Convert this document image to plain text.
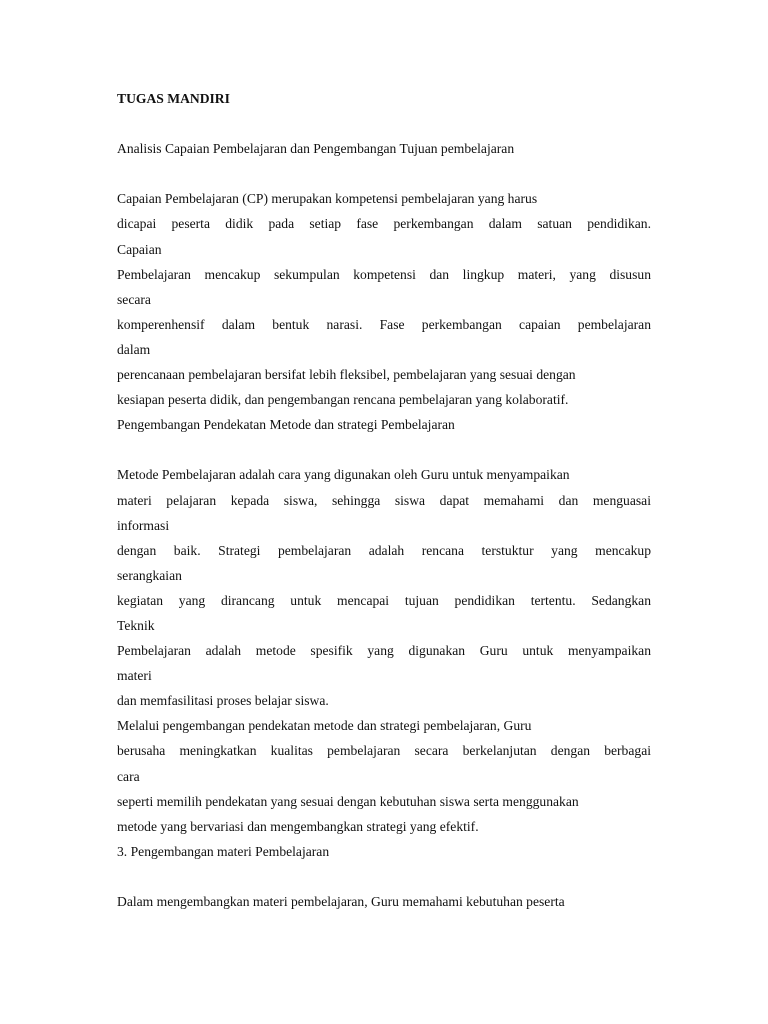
TUGAS MANDIRI
Analisis Capaian Pembelajaran dan Pengembangan Tujuan pembelajaran
Capaian Pembelajaran (CP) merupakan kompetensi pembelajaran yang harus
dicapai peserta didik pada setiap fase perkembangan dalam satuan pendidikan.
Capaian
Pembelajaran mencakup sekumpulan kompetensi dan lingkup materi, yang disusun
secara
komperenhensif dalam bentuk narasi. Fase perkembangan capaian pembelajaran
dalam
perencanaan pembelajaran bersifat lebih fleksibel, pembelajaran yang sesuai dengan
kesiapan peserta didik, dan pengembangan rencana pembelajaran yang kolaboratif.
Pengembangan Pendekatan Metode dan strategi Pembelajaran
Metode Pembelajaran adalah cara yang digunakan oleh Guru untuk menyampaikan
materi pelajaran kepada siswa, sehingga siswa dapat memahami dan menguasai
informasi
dengan baik. Strategi pembelajaran adalah rencana terstuktur yang mencakup
serangkaian
kegiatan yang dirancang untuk mencapai tujuan pendidikan tertentu. Sedangkan
Teknik
Pembelajaran adalah metode spesifik yang digunakan Guru untuk menyampaikan
materi
dan memfasilitasi proses belajar siswa.
Melalui pengembangan pendekatan metode dan strategi pembelajaran, Guru
berusaha meningkatkan kualitas pembelajaran secara berkelanjutan dengan berbagai
cara
seperti memilih pendekatan yang sesuai dengan kebutuhan siswa serta menggunakan
metode yang bervariasi dan mengembangkan strategi yang efektif.
3. Pengembangan materi Pembelajaran
Dalam mengembangkan materi pembelajaran, Guru memahami kebutuhan peserta
